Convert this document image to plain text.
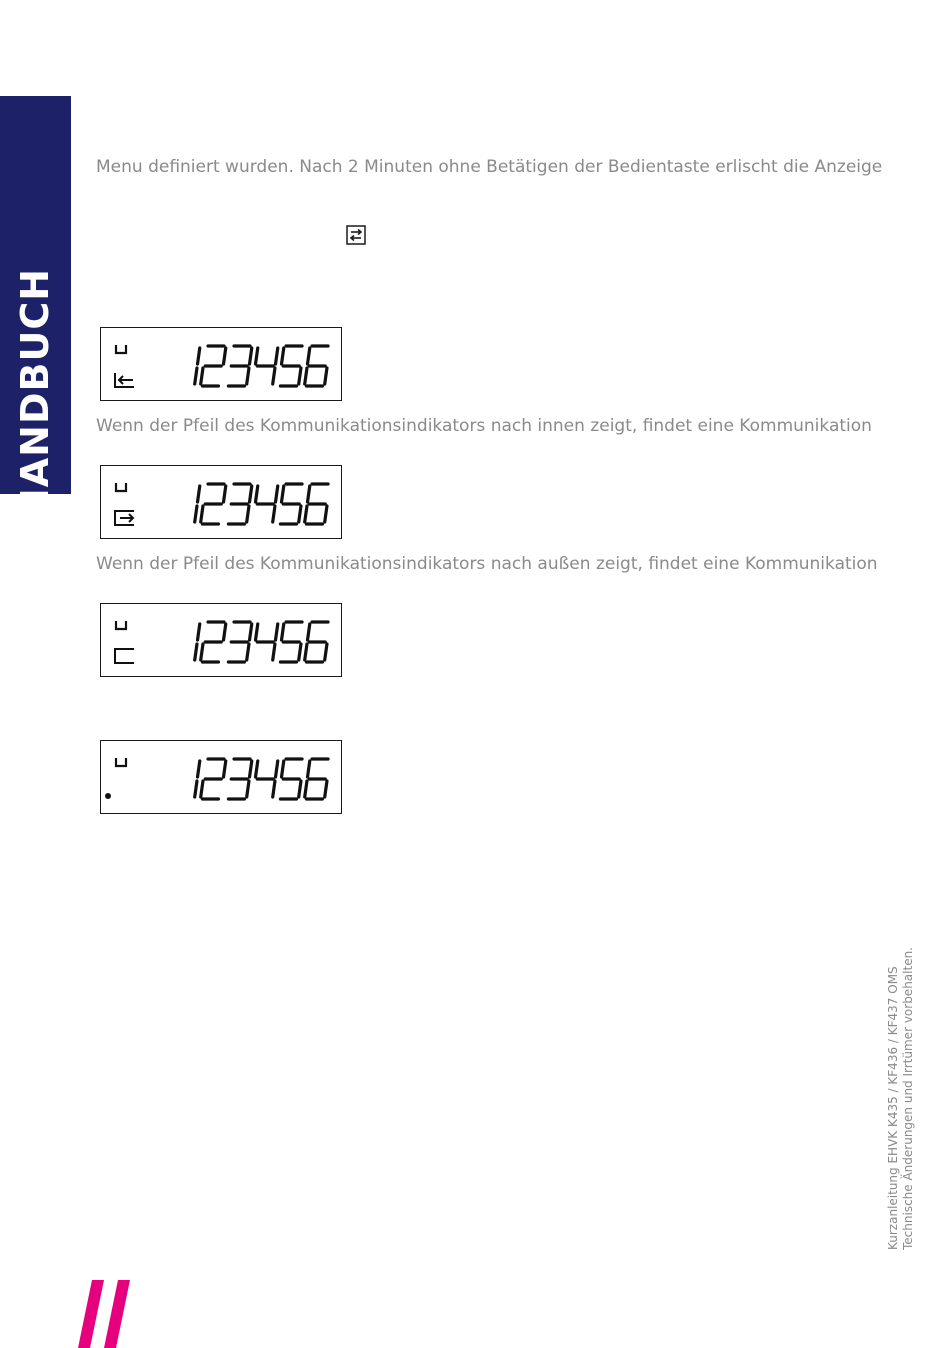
// HANDBUCH

Menu definiert wurden. Nach 2 Minuten ohne Betätigen der Bedientaste erlischt die Anzeige

Wenn der Pfeil des Kommunikationsindikators nach innen zeigt, findet eine Kommunikation

Wenn der Pfeil des Kommunikationsindikators nach außen zeigt, findet eine Kommunikation

Kurzanleitung EHVK K435 / KF436 / KF437 OMS Technische Änderungen und Irrtümer vorbehalten.
